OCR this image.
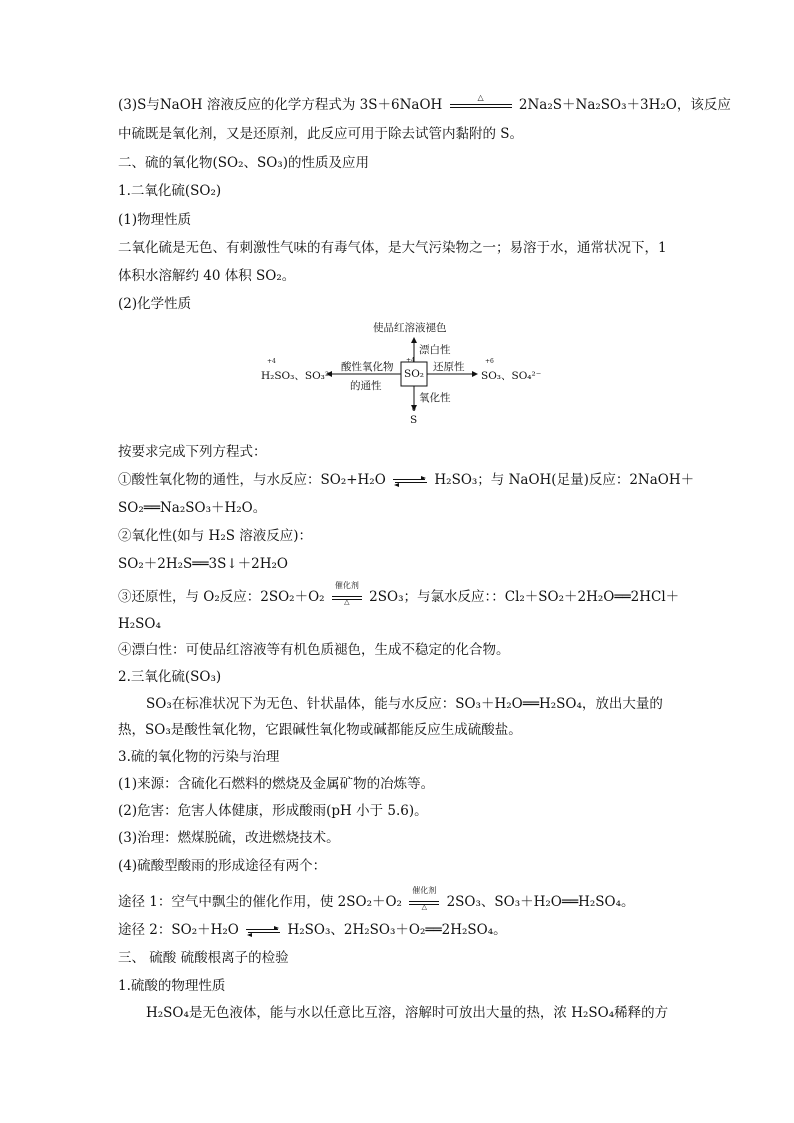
(3)S与NaOH 溶液反应的化学方程式为 3S＋6NaOH	△	2Na₂S＋Na₂SO₃＋3H₂O，该反应
中硫既是氧化剂，又是还原剂，此反应可用于除去试管内黏附的 S。
二、硫的氧化物(SO₂、SO₃)的性质及应用
1.二氧化硫(SO₂)
(1)物理性质
二氧化硫是无色、有刺激性气味的有毒气体，是大气污染物之一；易溶于水，通常状况下，1
体积水溶解约 40 体积 SO₂。
(2)化学性质
使品红溶液褪色
漂白性
+4
SO₂
酸性氧化物
的通性
+4
H₂SO₃、SO₃²⁻
还原性	+6
SO₃、SO₄²⁻
氧化性
0
S
按要求完成下列方程式：
①酸性氧化物的通性，与水反应：SO₂+H₂O ⇌ H₂SO₃；与 NaOH(足量)反应：2NaOH＋
SO₂══Na₂SO₃＋H₂O。
②氧化性(如与 H₂S 溶液反应)：
SO₂＋2H₂S══3S↓＋2H₂O
③还原性，与 O₂反应：2SO₂＋O₂
催化剂
△	2SO₃；与氯水反应：：Cl₂＋SO₂＋2H₂O══2HCl＋
H₂SO₄
④漂白性：可使品红溶液等有机色质褪色，生成不稳定的化合物。
2.三氧化硫(SO₃)
SO₃在标准状况下为无色、针状晶体，能与水反应：SO₃＋H₂O══H₂SO₄，放出大量的
热，SO₃是酸性氧化物，它跟碱性氧化物或碱都能反应生成硫酸盐。
3.硫的氧化物的污染与治理
(1)来源：含硫化石燃料的燃烧及金属矿物的冶炼等。
(2)危害：危害人体健康，形成酸雨(pH 小于 5.6)。
(3)治理：燃煤脱硫，改进燃烧技术。
(4)硫酸型酸雨的形成途径有两个：
途径 1：空气中飘尘的催化作用，使 2SO₂＋O₂
催化剂
△	2SO₃、SO₃＋H₂O══H₂SO₄。
途径 2：SO₂＋H₂O ⇌ H₂SO₃、2H₂SO₃＋O₂══2H₂SO₄。
三、 硫酸 硫酸根离子的检验
1.硫酸的物理性质
H₂SO₄是无色液体，能与水以任意比互溶，溶解时可放出大量的热，浓 H₂SO₄稀释的方
